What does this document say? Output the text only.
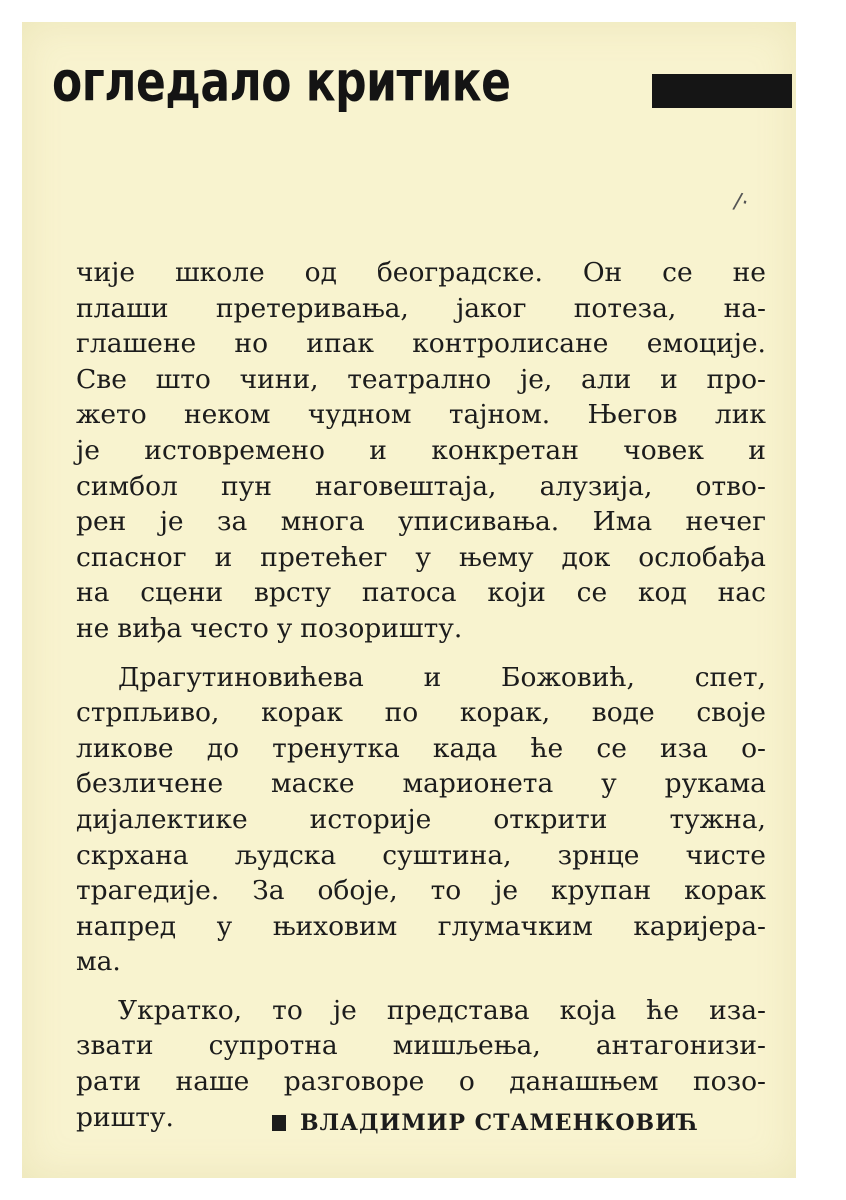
огледало критике
/·
чије школе од београдске. Он се не
плаши претеривања, јаког потеза, на-
глашене но ипак контролисане емоције.
Све што чини, театрално је, али и про-
жето неком чудном тајном. Његов лик
је истовремено и конкретан човек и
симбол пун наговештаја, алузија, отво-
рен је за многа уписивања. Има нечег
спасног и претећег у њему док ослобађа
на сцени врсту патоса који се код нас
не виђа често у позоришту.
Драгутиновићева и Божовић, спет,
стрпљиво, корак по корак, воде своје
ликове до тренутка када ће се иза о-
безличене маске марионета у рукама
дијалектике историје открити тужна,
скрхана људска суштина, зрнце чисте
трагедије. За обоје, то је крупан корак
напред у њиховим глумачким каријера-
ма.
Укратко, то је представа која ће иза-
звати супротна мишљења, антагонизи-
рати наше разговоре о данашњем позо-
ришту.	ВЛАДИМИР СТАМЕНКОВИЋ
